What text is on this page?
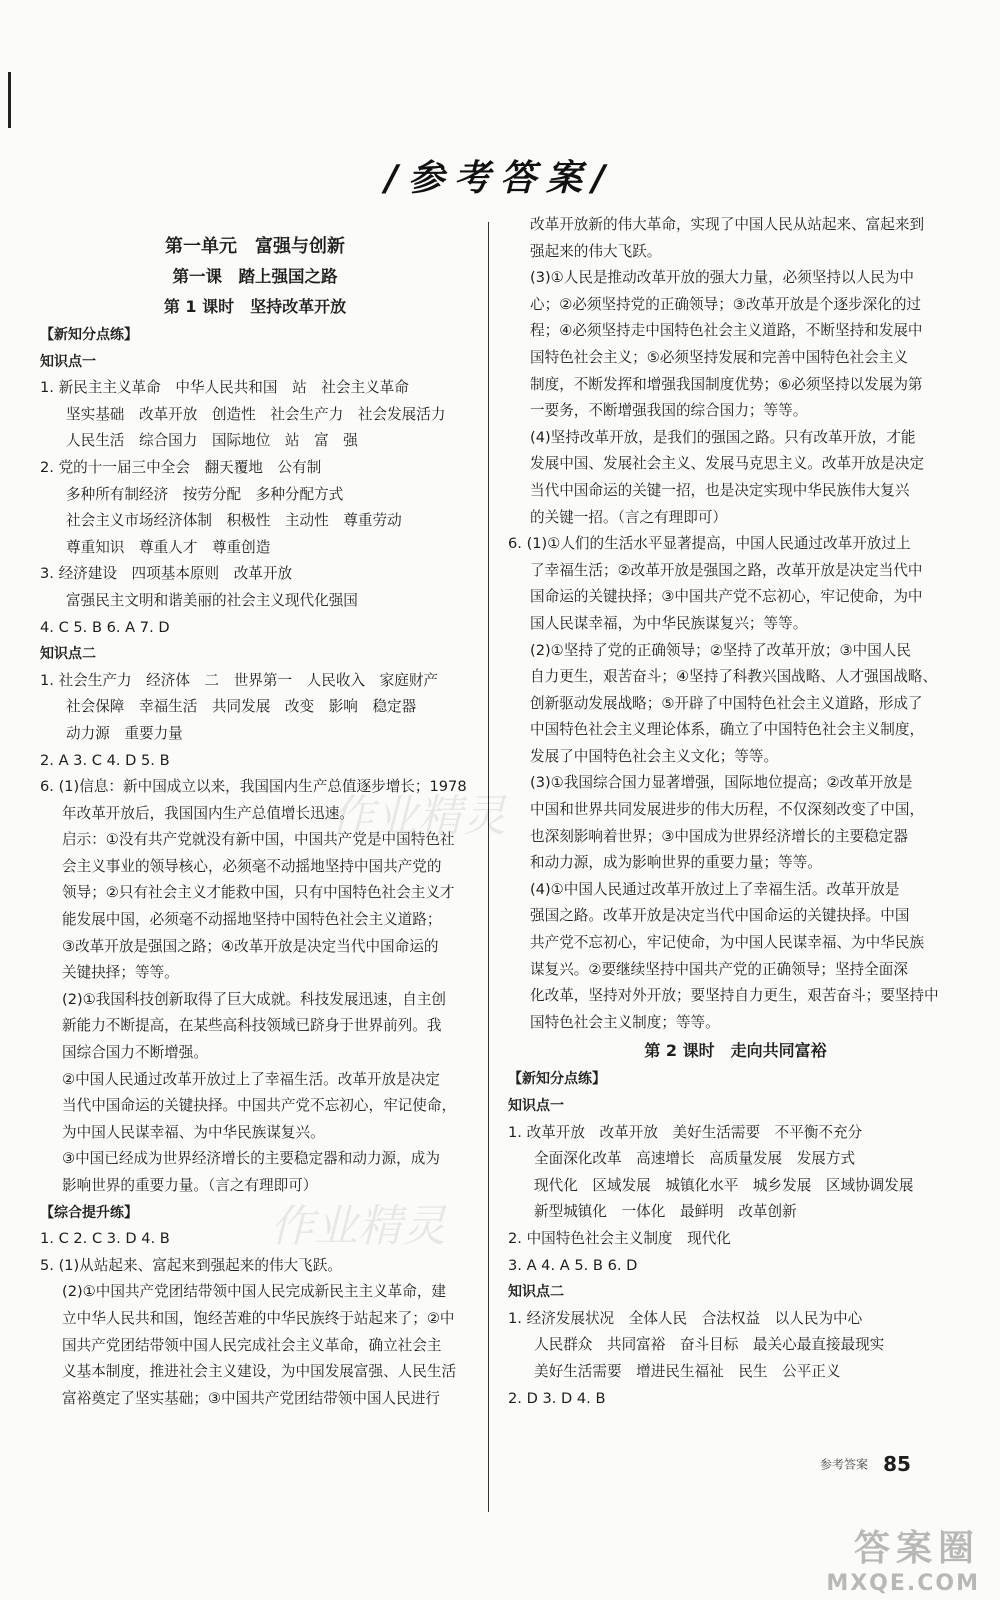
/参考答案/
第一单元　富强与创新
第一课　踏上强国之路
第 1 课时　坚持改革开放
【新知分点练】
知识点一
1. 新民主主义革命　中华人民共和国　站　社会主义革命
坚实基础　改革开放　创造性　社会生产力　社会发展活力
人民生活　综合国力　国际地位　站　富　强
2. 党的十一届三中全会　翻天覆地　公有制
多种所有制经济　按劳分配　多种分配方式
社会主义市场经济体制　积极性　主动性　尊重劳动
尊重知识　尊重人才　尊重创造
3. 经济建设　四项基本原则　改革开放
富强民主文明和谐美丽的社会主义现代化强国
4. C 5. B 6. A 7. D
知识点二
1. 社会生产力　经济体　二　世界第一　人民收入　家庭财产
社会保障　幸福生活　共同发展　改变　影响　稳定器
动力源　重要力量
2. A 3. C 4. D 5. B
6. (1)信息：新中国成立以来，我国国内生产总值逐步增长；1978
年改革开放后，我国国内生产总值增长迅速。
启示：①没有共产党就没有新中国，中国共产党是中国特色社
会主义事业的领导核心，必须毫不动摇地坚持中国共产党的
领导；②只有社会主义才能救中国，只有中国特色社会主义才
能发展中国，必须毫不动摇地坚持中国特色社会主义道路；
③改革开放是强国之路；④改革开放是决定当代中国命运的
关键抉择；等等。
(2)①我国科技创新取得了巨大成就。科技发展迅速，自主创
新能力不断提高，在某些高科技领域已跻身于世界前列。我
国综合国力不断增强。
②中国人民通过改革开放过上了幸福生活。改革开放是决定
当代中国命运的关键抉择。中国共产党不忘初心，牢记使命，
为中国人民谋幸福、为中华民族谋复兴。
③中国已经成为世界经济增长的主要稳定器和动力源，成为
影响世界的重要力量。（言之有理即可）
【综合提升练】
1. C 2. C 3. D 4. B
5. (1)从站起来、富起来到强起来的伟大飞跃。
(2)①中国共产党团结带领中国人民完成新民主主义革命，建
立中华人民共和国，饱经苦难的中华民族终于站起来了；②中
国共产党团结带领中国人民完成社会主义革命，确立社会主
义基本制度，推进社会主义建设，为中国发展富强、人民生活
富裕奠定了坚实基础；③中国共产党团结带领中国人民进行
改革开放新的伟大革命，实现了中国人民从站起来、富起来到
强起来的伟大飞跃。
(3)①人民是推动改革开放的强大力量，必须坚持以人民为中
心；②必须坚持党的正确领导；③改革开放是个逐步深化的过
程；④必须坚持走中国特色社会主义道路，不断坚持和发展中
国特色社会主义；⑤必须坚持发展和完善中国特色社会主义
制度，不断发挥和增强我国制度优势；⑥必须坚持以发展为第
一要务，不断增强我国的综合国力；等等。
(4)坚持改革开放，是我们的强国之路。只有改革开放，才能
发展中国、发展社会主义、发展马克思主义。改革开放是决定
当代中国命运的关键一招，也是决定实现中华民族伟大复兴
的关键一招。（言之有理即可）
6. (1)①人们的生活水平显著提高，中国人民通过改革开放过上
了幸福生活；②改革开放是强国之路，改革开放是决定当代中
国命运的关键抉择；③中国共产党不忘初心，牢记使命，为中
国人民谋幸福，为中华民族谋复兴；等等。
(2)①坚持了党的正确领导；②坚持了改革开放；③中国人民
自力更生，艰苦奋斗；④坚持了科教兴国战略、人才强国战略、
创新驱动发展战略；⑤开辟了中国特色社会主义道路，形成了
中国特色社会主义理论体系，确立了中国特色社会主义制度，
发展了中国特色社会主义文化；等等。
(3)①我国综合国力显著增强，国际地位提高；②改革开放是
中国和世界共同发展进步的伟大历程，不仅深刻改变了中国，
也深刻影响着世界；③中国成为世界经济增长的主要稳定器
和动力源，成为影响世界的重要力量；等等。
(4)①中国人民通过改革开放过上了幸福生活。改革开放是
强国之路。改革开放是决定当代中国命运的关键抉择。中国
共产党不忘初心，牢记使命，为中国人民谋幸福、为中华民族
谋复兴。②要继续坚持中国共产党的正确领导；坚持全面深
化改革，坚持对外开放；要坚持自力更生，艰苦奋斗；要坚持中
国特色社会主义制度；等等。
第 2 课时　走向共同富裕
【新知分点练】
知识点一
1. 改革开放　改革开放　美好生活需要　不平衡不充分
全面深化改革　高速增长　高质量发展　发展方式
现代化　区域发展　城镇化水平　城乡发展　区域协调发展
新型城镇化　一体化　最鲜明　改革创新
2. 中国特色社会主义制度　现代化
3. A 4. A 5. B 6. D
知识点二
1. 经济发展状况　全体人民　合法权益　以人民为中心
人民群众　共同富裕　奋斗目标　最关心最直接最现实
美好生活需要　增进民生福祉　民生　公平正义
2. D 3. D 4. B
作业精灵
作业精灵
参考答案 85
答案圈
MXQE.COM
